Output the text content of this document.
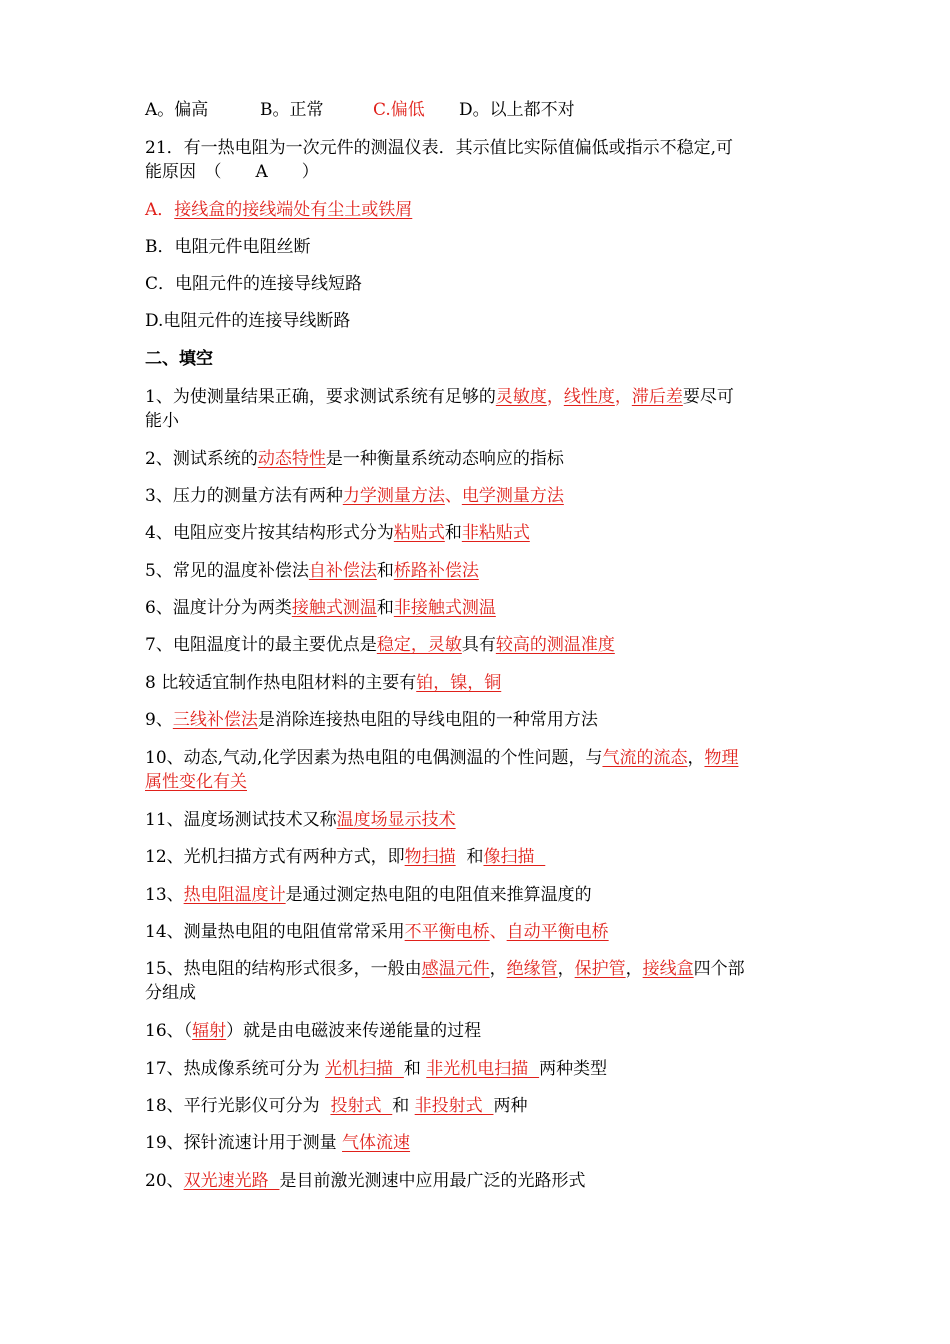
A。偏高	B。正常	C.偏低 D。以上都不对
21．有一热电阻为一次元件的测温仪表．其示值比实际值偏低或指示不稳定,可
能原因　（　　A　　）
A．接线盒的接线端处有尘土或铁屑
B．电阻元件电阻丝断
C．电阻元件的连接导线短路
D.电阻元件的连接导线断路
二、填空
1、为使测量结果正确，要求测试系统有足够的灵敏度，线性度，滞后差要尽可
能小
2、测试系统的动态特性是一种衡量系统动态响应的指标
3、压力的测量方法有两种力学测量方法、电学测量方法
4、电阻应变片按其结构形式分为粘贴式和非粘贴式
5、常见的温度补偿法自补偿法和桥路补偿法
6、温度计分为两类接触式测温和非接触式测温
7、电阻温度计的最主要优点是稳定，灵敏具有较高的测温准度
8 比较适宜制作热电阻材料的主要有铂，镍，铜
9、三线补偿法是消除连接热电阻的导线电阻的一种常用方法
10、动态,气动,化学因素为热电阻的电偶测温的个性问题，与气流的流态，物理
属性变化有关
11、温度场测试技术又称温度场显示技术
12、光机扫描方式有两种方式，即物扫描  和像扫描
13、热电阻温度计是通过测定热电阻的电阻值来推算温度的
14、测量热电阻的电阻值常常采用不平衡电桥、自动平衡电桥
15、热电阻的结构形式很多，一般由感温元件，绝缘管，保护管，接线盒四个部
分组成
16、（辐射）就是由电磁波来传递能量的过程
17、热成像系统可分为 光机扫描  和 非光机电扫描  两种类型
18、平行光影仪可分为  投射式  和 非投射式  两种
19、探针流速计用于测量 气体流速
20、双光速光路  是目前激光测速中应用最广泛的光路形式
